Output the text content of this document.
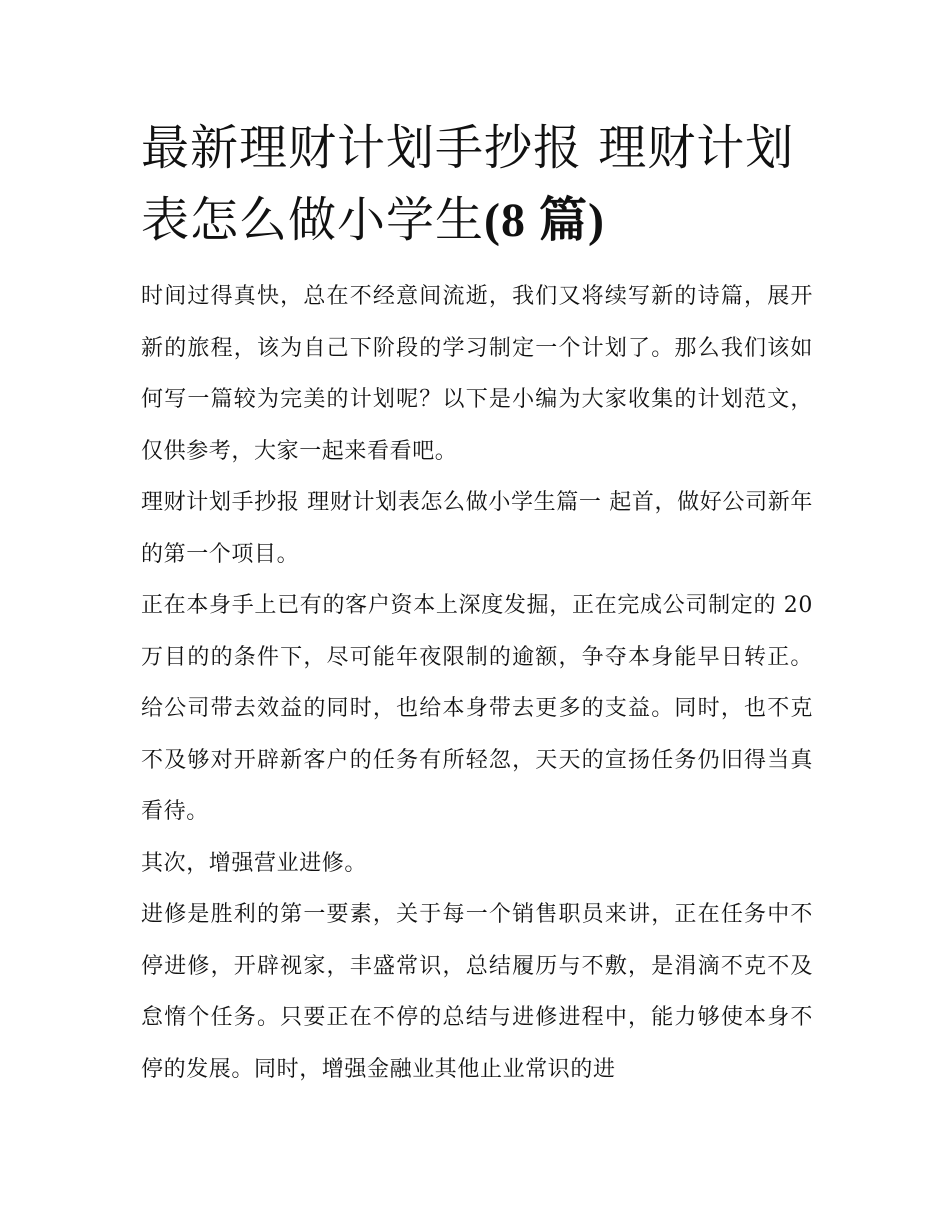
最新理财计划手抄报 理财计划表怎么做小学生(8 篇)

时间过得真快，总在不经意间流逝，我们又将续写新的诗篇，展开新的旅程，该为自己下阶段的学习制定一个计划了。那么我们该如何写一篇较为完美的计划呢？以下是小编为大家收集的计划范文，仅供参考，大家一起来看看吧。

理财计划手抄报 理财计划表怎么做小学生篇一 起首，做好公司新年的第一个项目。

正在本身手上已有的客户资本上深度发掘，正在完成公司制定的 20 万目的的条件下，尽可能年夜限制的逾额，争夺本身能早日转正。给公司带去效益的同时，也给本身带去更多的支益。同时，也不克不及够对开辟新客户的任务有所轻忽，天天的宣扬任务仍旧得当真看待。

其次，增强营业进修。

进修是胜利的第一要素，关于每一个销售职员来讲，正在任务中不停进修，开辟视家，丰盛常识，总结履历与不敷，是涓滴不克不及怠惰个任务。只要正在不停的总结与进修进程中，能力够使本身不停的发展。同时，增强金融业其他止业常识的进
